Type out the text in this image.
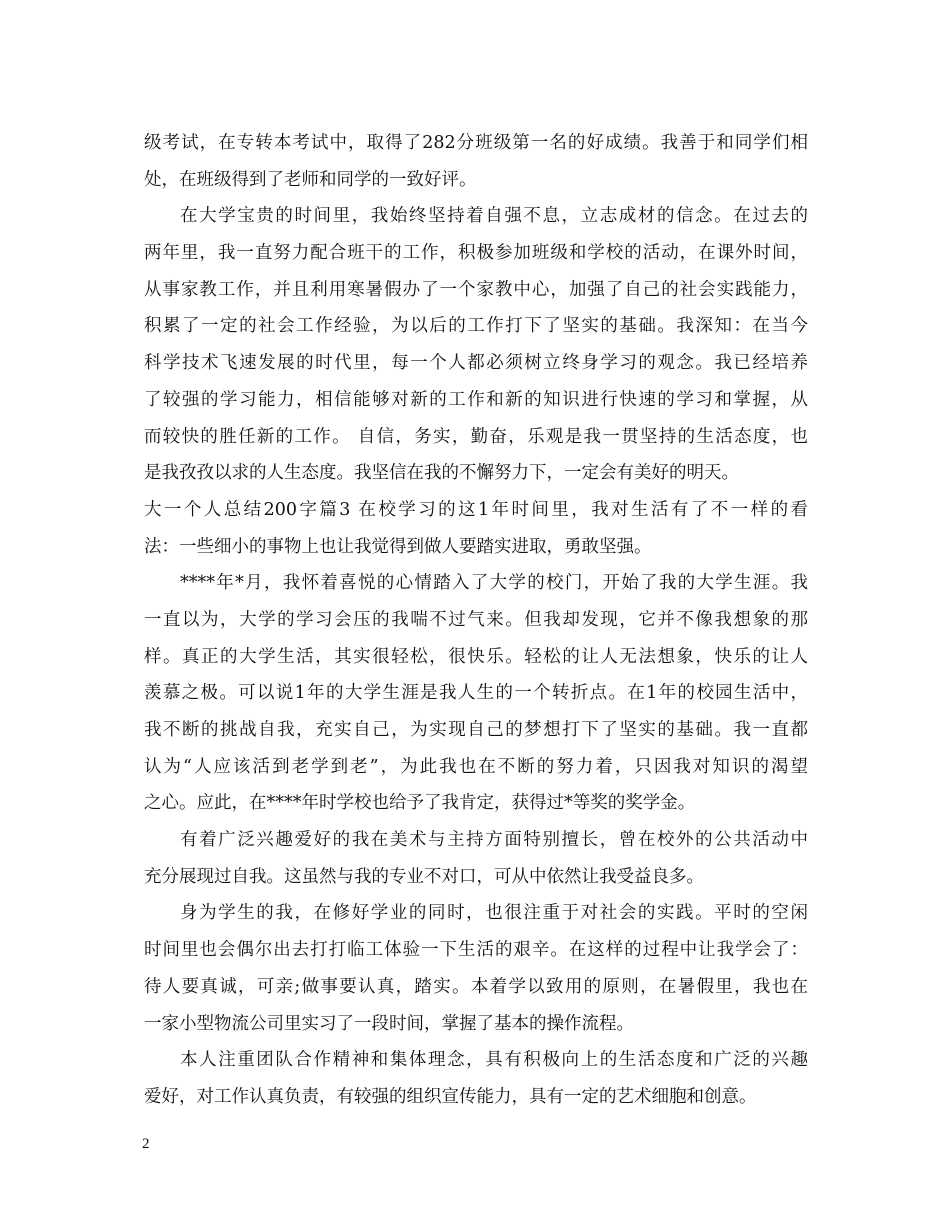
级考试，在专转本考试中，取得了282分班级第一名的好成绩。我善于和同学们相
处，在班级得到了老师和同学的一致好评。
在大学宝贵的时间里，我始终坚持着自强不息，立志成材的信念。在过去的
两年里，我一直努力配合班干的工作，积极参加班级和学校的活动，在课外时间，
从事家教工作，并且利用寒暑假办了一个家教中心，加强了自己的社会实践能力，
积累了一定的社会工作经验，为以后的工作打下了坚实的基础。我深知：在当今
科学技术飞速发展的时代里，每一个人都必须树立终身学习的观念。我已经培养
了较强的学习能力，相信能够对新的工作和新的知识进行快速的学习和掌握，从
而较快的胜任新的工作。 自信，务实，勤奋，乐观是我一贯坚持的生活态度，也
是我孜孜以求的人生态度。我坚信在我的不懈努力下，一定会有美好的明天。
大一个人总结200字篇3 在校学习的这1年时间里，我对生活有了不一样的看
法：一些细小的事物上也让我觉得到做人要踏实进取，勇敢坚强。
****年*月，我怀着喜悦的心情踏入了大学的校门，开始了我的大学生涯。我
一直以为，大学的学习会压的我喘不过气来。但我却发现，它并不像我想象的那
样。真正的大学生活，其实很轻松，很快乐。轻松的让人无法想象，快乐的让人
羡慕之极。可以说1年的大学生涯是我人生的一个转折点。在1年的校园生活中，
我不断的挑战自我，充实自己，为实现自己的梦想打下了坚实的基础。我一直都
认为“人应该活到老学到老”，为此我也在不断的努力着，只因我对知识的渴望
之心。应此，在****年时学校也给予了我肯定，获得过*等奖的奖学金。
有着广泛兴趣爱好的我在美术与主持方面特别擅长，曾在校外的公共活动中
充分展现过自我。这虽然与我的专业不对口，可从中依然让我受益良多。
身为学生的我，在修好学业的同时，也很注重于对社会的实践。平时的空闲
时间里也会偶尔出去打打临工体验一下生活的艰辛。在这样的过程中让我学会了：
待人要真诚，可亲;做事要认真，踏实。本着学以致用的原则，在暑假里，我也在
一家小型物流公司里实习了一段时间，掌握了基本的操作流程。
本人注重团队合作精神和集体理念，具有积极向上的生活态度和广泛的兴趣
爱好，对工作认真负责，有较强的组织宣传能力，具有一定的艺术细胞和创意。
2
